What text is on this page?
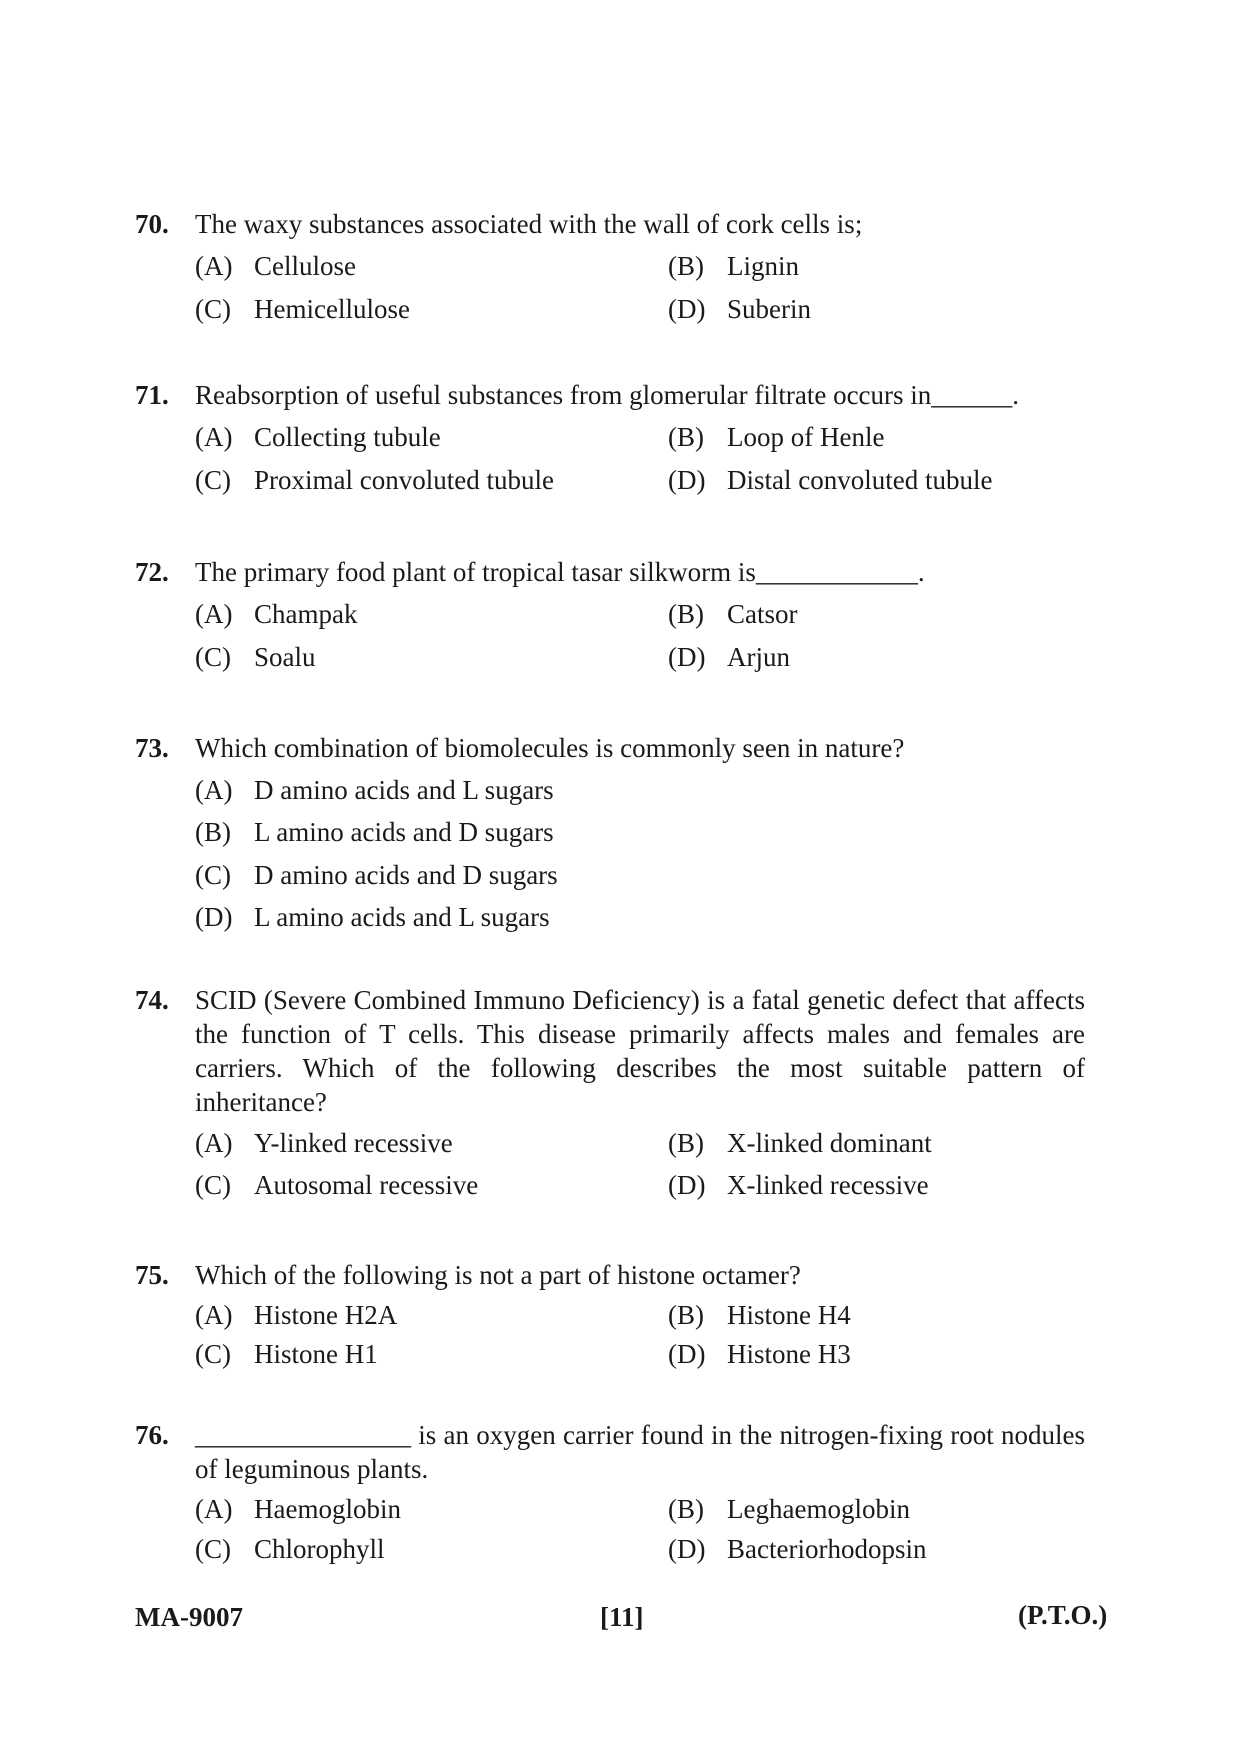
70. The waxy substances associated with the wall of cork cells is;
(A) Cellulose	(B) Lignin
(C) Hemicellulose	(D) Suberin
71. Reabsorption of useful substances from glomerular filtrate occurs in______.
(A) Collecting tubule	(B) Loop of Henle
(C) Proximal convoluted tubule	(D) Distal convoluted tubule
72. The primary food plant of tropical tasar silkworm is____________.
(A) Champak	(B) Catsor
(C) Soalu	(D) Arjun
73. Which combination of biomolecules is commonly seen in nature?
(A) D amino acids and L sugars
(B) L amino acids and D sugars
(C) D amino acids and D sugars
(D) L amino acids and L sugars
74. SCID (Severe Combined Immuno Deficiency) is a fatal genetic defect that affects the function of T cells. This disease primarily affects males and females are carriers. Which of the following describes the most suitable pattern of inheritance?
(A) Y-linked recessive	(B) X-linked dominant
(C) Autosomal recessive	(D) X-linked recessive
75. Which of the following is not a part of histone octamer?
(A) Histone H2A	(B) Histone H4
(C) Histone H1	(D) Histone H3
76. ________________ is an oxygen carrier found in the nitrogen-fixing root nodules of leguminous plants.
(A) Haemoglobin	(B) Leghaemoglobin
(C) Chlorophyll	(D) Bacteriorhodopsin
MA-9007	[11]	(P.T.O.)
